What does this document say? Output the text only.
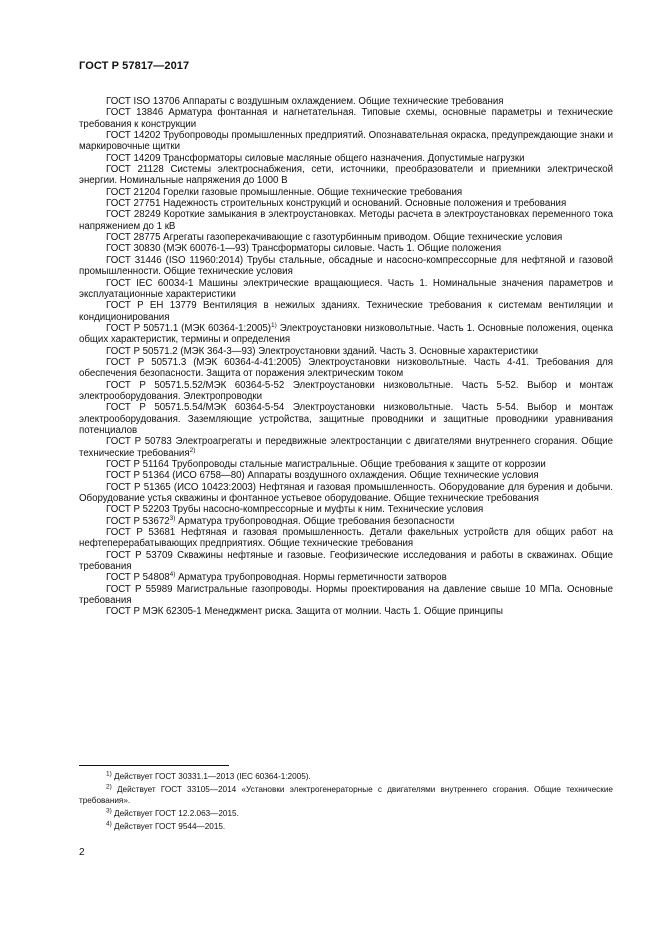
ГОСТ Р 57817—2017

ГОСТ ISO 13706 Аппараты с воздушным охлаждением. Общие технические требования

ГОСТ 13846 Арматура фонтанная и нагнетательная. Типовые схемы, основные параметры и технические требования к конструкции

ГОСТ 14202 Трубопроводы промышленных предприятий. Опознавательная окраска, предупреждающие знаки и маркировочные щитки

ГОСТ 14209 Трансформаторы силовые масляные общего назначения. Допустимые нагрузки

ГОСТ 21128 Системы электроснабжения, сети, источники, преобразователи и приемники электрической энергии. Номинальные напряжения до 1000 В

ГОСТ 21204 Горелки газовые промышленные. Общие технические требования

ГОСТ 27751 Надежность строительных конструкций и оснований. Основные положения и требования

ГОСТ 28249 Короткие замыкания в электроустановках. Методы расчета в электроустановках переменного тока напряжением до 1 кВ

ГОСТ 28775 Агрегаты газоперекачивающие с газотурбинным приводом. Общие технические условия

ГОСТ 30830 (МЭК 60076-1—93) Трансформаторы силовые. Часть 1. Общие положения

ГОСТ 31446 (ISO 11960:2014) Трубы стальные, обсадные и насосно-компрессорные для нефтяной и газовой промышленности. Общие технические условия

ГОСТ IEC 60034-1 Машины электрические вращающиеся. Часть 1. Номинальные значения параметров и эксплуатационные характеристики

ГОСТ Р ЕН 13779 Вентиляция в нежилых зданиях. Технические требования к системам вентиляции и кондиционирования

ГОСТ Р 50571.1 (МЭК 60364-1:2005)$^{1)}$ Электроустановки низковольтные. Часть 1. Основные положения, оценка общих характеристик, термины и определения

ГОСТ Р 50571.2 (МЭК 364-3—93) Электроустановки зданий. Часть 3. Основные характеристики

ГОСТ Р 50571.3 (МЭК 60364-4-41:2005) Электроустановки низковольтные. Часть 4-41. Требования для обеспечения безопасности. Защита от поражения электрическим током

ГОСТ Р 50571.5.52/МЭК 60364-5-52 Электроустановки низковольтные. Часть 5-52. Выбор и монтаж электрооборудования. Электропроводки

ГОСТ Р 50571.5.54/МЭК 60364-5-54 Электроустановки низковольтные. Часть 5-54. Выбор и монтаж электрооборудования. Заземляющие устройства, защитные проводники и защитные проводники уравнивания потенциалов

ГОСТ Р 50783 Электроагрегаты и передвижные электростанции с двигателями внутреннего сгорания. Общие технические требования$^{2)}$

ГОСТ Р 51164 Трубопроводы стальные магистральные. Общие требования к защите от коррозии

ГОСТ Р 51364 (ИСО 6758—80) Аппараты воздушного охлаждения. Общие технические условия

ГОСТ Р 51365 (ИСО 10423:2003) Нефтяная и газовая промышленность. Оборудование для бурения и добычи. Оборудование устья скважины и фонтанное устьевое оборудование. Общие технические требования

ГОСТ Р 52203 Трубы насосно-компрессорные и муфты к ним. Технические условия

ГОСТ Р 53672$^{3)}$ Арматура трубопроводная. Общие требования безопасности

ГОСТ Р 53681 Нефтяная и газовая промышленность. Детали факельных устройств для общих работ на нефтеперерабатывающих предприятиях. Общие технические требования

ГОСТ Р 53709 Скважины нефтяные и газовые. Геофизические исследования и работы в скважинах. Общие требования

ГОСТ Р 54808$^{4)}$ Арматура трубопроводная. Нормы герметичности затворов

ГОСТ Р 55989 Магистральные газопроводы. Нормы проектирования на давление свыше 10 МПа. Основные требования

ГОСТ Р МЭК 62305-1 Менеджмент риска. Защита от молнии. Часть 1. Общие принципы

$^{1)}$ Действует ГОСТ 30331.1—2013 (IEC 60364-1:2005).

$^{2)}$ Действует ГОСТ 33105—2014 «Установки электрогенераторные с двигателями внутреннего сгорания. Общие технические требования».

$^{3)}$ Действует ГОСТ 12.2.063—2015.

$^{4)}$ Действует ГОСТ 9544—2015.

2
